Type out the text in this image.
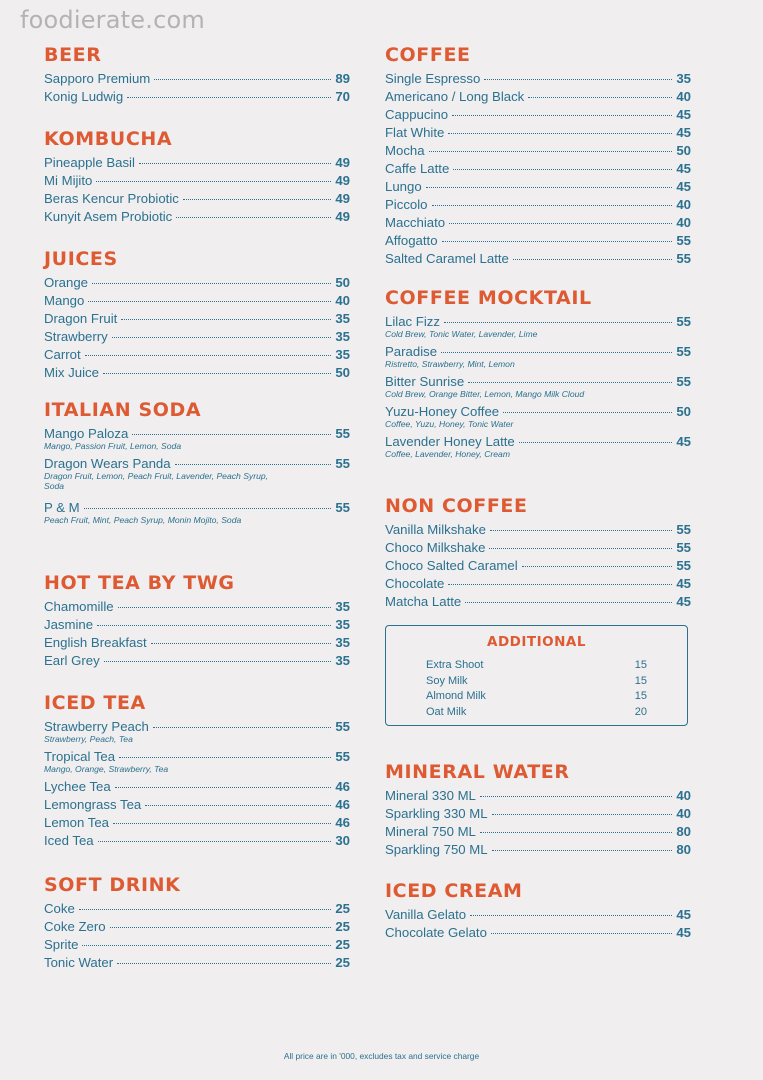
foodierate.com
BEER
Sapporo Premium	89
Konig Ludwig	70
KOMBUCHA
Pineapple Basil	49
Mi Mijito	49
Beras Kencur Probiotic	49
Kunyit Asem Probiotic	49
JUICES
Orange	50
Mango	40
Dragon Fruit	35
Strawberry	35
Carrot	35
Mix Juice	50
ITALIAN SODA
Mango Paloza	55
Mango, Passion Fruit, Lemon, Soda
Dragon Wears Panda	55
Dragon Fruit, Lemon, Peach Fruit, Lavender, Peach Syrup, Soda
P & M	55
Peach Fruit, Mint, Peach Syrup, Monin Mojito, Soda
HOT TEA BY TWG
Chamomille	35
Jasmine	35
English Breakfast	35
Earl Grey	35
ICED TEA
Strawberry Peach	55
Strawberry, Peach, Tea
Tropical Tea	55
Mango, Orange, Strawberry, Tea
Lychee Tea	46
Lemongrass Tea	46
Lemon Tea	46
Iced Tea	30
SOFT DRINK
Coke	25
Coke Zero	25
Sprite	25
Tonic Water	25
ADDITIONAL
Extra Shoot	15
Soy Milk	15
Almond Milk	15
Oat Milk	20
COFFEE
Single Espresso	35
Americano / Long Black	40
Cappucino	45
Flat White	45
Mocha	50
Caffe Latte	45
Lungo	45
Piccolo	40
Macchiato	40
Affogatto	55
Salted Caramel Latte	55
COFFEE MOCKTAIL
Lilac Fizz	55
Cold Brew, Tonic Water, Lavender, Lime
Paradise	55
Ristretto, Strawberry, Mint, Lemon
Bitter Sunrise	55
Cold Brew, Orange Bitter, Lemon, Mango Milk Cloud
Yuzu-Honey Coffee	50
Coffee, Yuzu, Honey, Tonic Water
Lavender Honey Latte	45
Coffee, Lavender, Honey, Cream
NON COFFEE
Vanilla Milkshake	55
Choco Milkshake	55
Choco Salted Caramel	55
Chocolate	45
Matcha Latte	45
MINERAL WATER
Mineral 330 ML	40
Sparkling 330 ML	40
Mineral 750 ML	80
Sparkling 750 ML	80
ICED CREAM
Vanilla Gelato	45
Chocolate Gelato	45
All price are in '000, excludes tax and service charge
